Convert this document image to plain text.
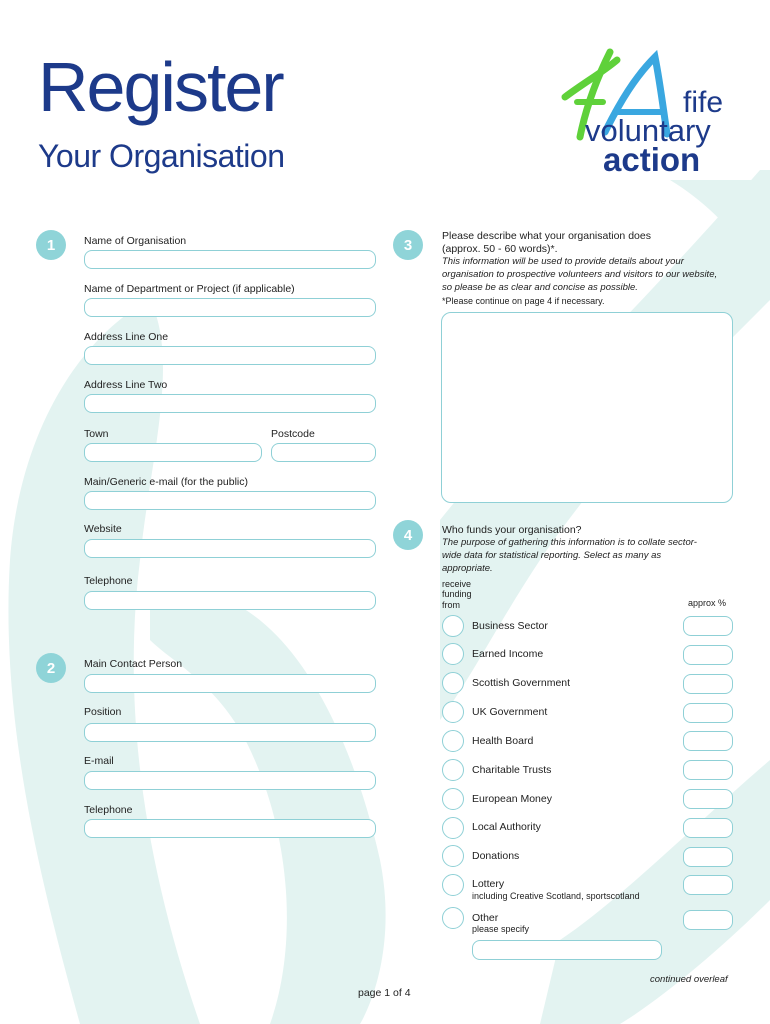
Register
Your Organisation
fife
voluntary
action
1	Name of Organisation
Name of Department or Project (if applicable)
Address Line One
Address Line Two
Town	Postcode
Main/Generic e-mail (for the public)
Website
Telephone
2	Main Contact Person
Position
E-mail
Telephone
3
Please describe what your organisation does (approx. 50 - 60 words)*.
This information will be used to provide details about your organisation to prospective volunteers and visitors to our website, so please be as clear and concise as possible.
*Please continue on page 4 if necessary.
4	Who funds your organisation?
The purpose of gathering this information is to collate sector-wide data for statistical reporting. Select as many as appropriate.
receive funding from	approx %
Business Sector
Earned Income
Scottish Government
UK Government
Health Board
Charitable Trusts
European Money
Local Authority
Donations
Lottery
including Creative Scotland, sportscotland
Other
please specify
continued overleaf
page 1 of 4
